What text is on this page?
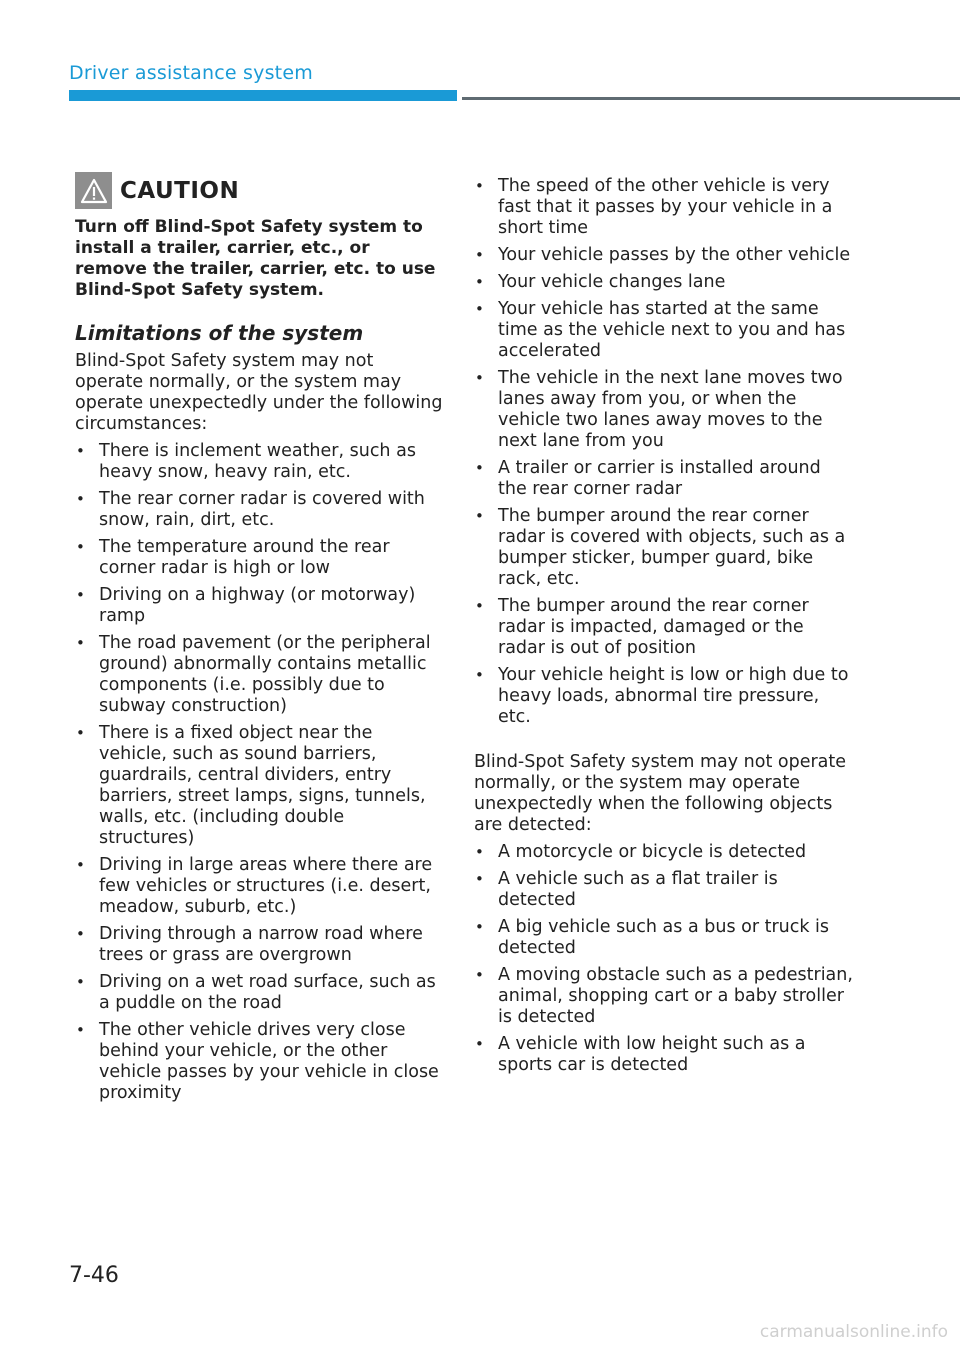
Driver assistance system
CAUTION

Turn off Blind-Spot Safety system to install a trailer, carrier, etc., or remove the trailer, carrier, etc. to use Blind-Spot Safety system.

Limitations of the system

Blind-Spot Safety system may not operate normally, or the system may operate unexpectedly under the following circumstances:

• There is inclement weather, such as heavy snow, heavy rain, etc.
• The rear corner radar is covered with snow, rain, dirt, etc.
• The temperature around the rear corner radar is high or low
• Driving on a highway (or motorway) ramp
• The road pavement (or the peripheral ground) abnormally contains metallic components (i.e. possibly due to subway construction)
• There is a fixed object near the vehicle, such as sound barriers, guardrails, central dividers, entry barriers, street lamps, signs, tunnels, walls, etc. (including double structures)
• Driving in large areas where there are few vehicles or structures (i.e. desert, meadow, suburb, etc.)
• Driving through a narrow road where trees or grass are overgrown
• Driving on a wet road surface, such as a puddle on the road
• The other vehicle drives very close behind your vehicle, or the other vehicle passes by your vehicle in close proximity
• The speed of the other vehicle is very fast that it passes by your vehicle in a short time
• Your vehicle passes by the other vehicle
• Your vehicle changes lane
• Your vehicle has started at the same time as the vehicle next to you and has accelerated
• The vehicle in the next lane moves two lanes away from you, or when the vehicle two lanes away moves to the next lane from you
• A trailer or carrier is installed around the rear corner radar
• The bumper around the rear corner radar is covered with objects, such as a bumper sticker, bumper guard, bike rack, etc.
• The bumper around the rear corner radar is impacted, damaged or the radar is out of position
• Your vehicle height is low or high due to heavy loads, abnormal tire pressure, etc.

Blind-Spot Safety system may not operate normally, or the system may operate unexpectedly when the following objects are detected:

• A motorcycle or bicycle is detected
• A vehicle such as a flat trailer is detected
• A big vehicle such as a bus or truck is detected
• A moving obstacle such as a pedestrian, animal, shopping cart or a baby stroller is detected
• A vehicle with low height such as a sports car is detected
7-46
carmanualsonline.info
